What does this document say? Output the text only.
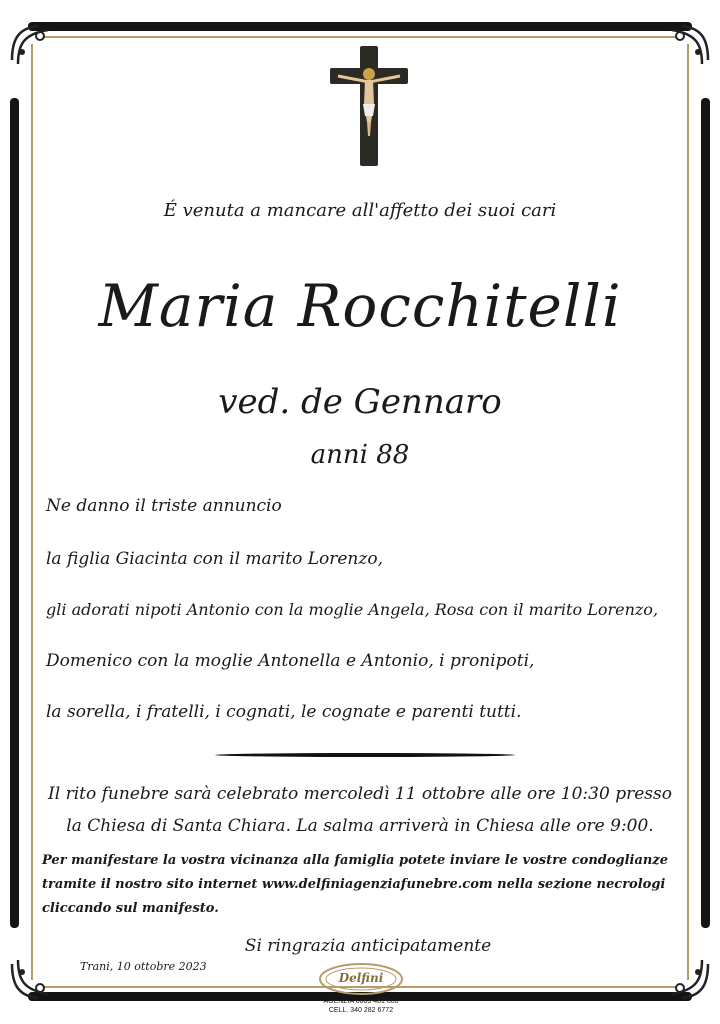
É venuta a mancare all'affetto dei suoi cari
Maria Rocchitelli
ved. de Gennaro
anni 88
Ne danno il triste annuncio
la figlia Giacinta con il marito Lorenzo,
gli adorati nipoti Antonio con la moglie Angela, Rosa con il marito Lorenzo,
Domenico con la moglie Antonella e Antonio, i pronipoti,
la sorella, i fratelli, i cognati, le cognate e parenti tutti.
Il rito funebre sarà celebrato mercoledì 11 ottobre alle ore 10:30 presso
la Chiesa di Santa Chiara. La salma arriverà in Chiesa alle ore 9:00.
Per manifestare la vostra vicinanza alla famiglia potete inviare le vostre condoglianze
tramite il nostro sito internet www.delfiniagenziafunebre.com nella sezione necrologi
cliccando sul manifesto.
Si ringrazia anticipatamente
Trani, 10 ottobre 2023
Delfini
AGENZIA 0883 481 608
CELL. 340 282 6772
